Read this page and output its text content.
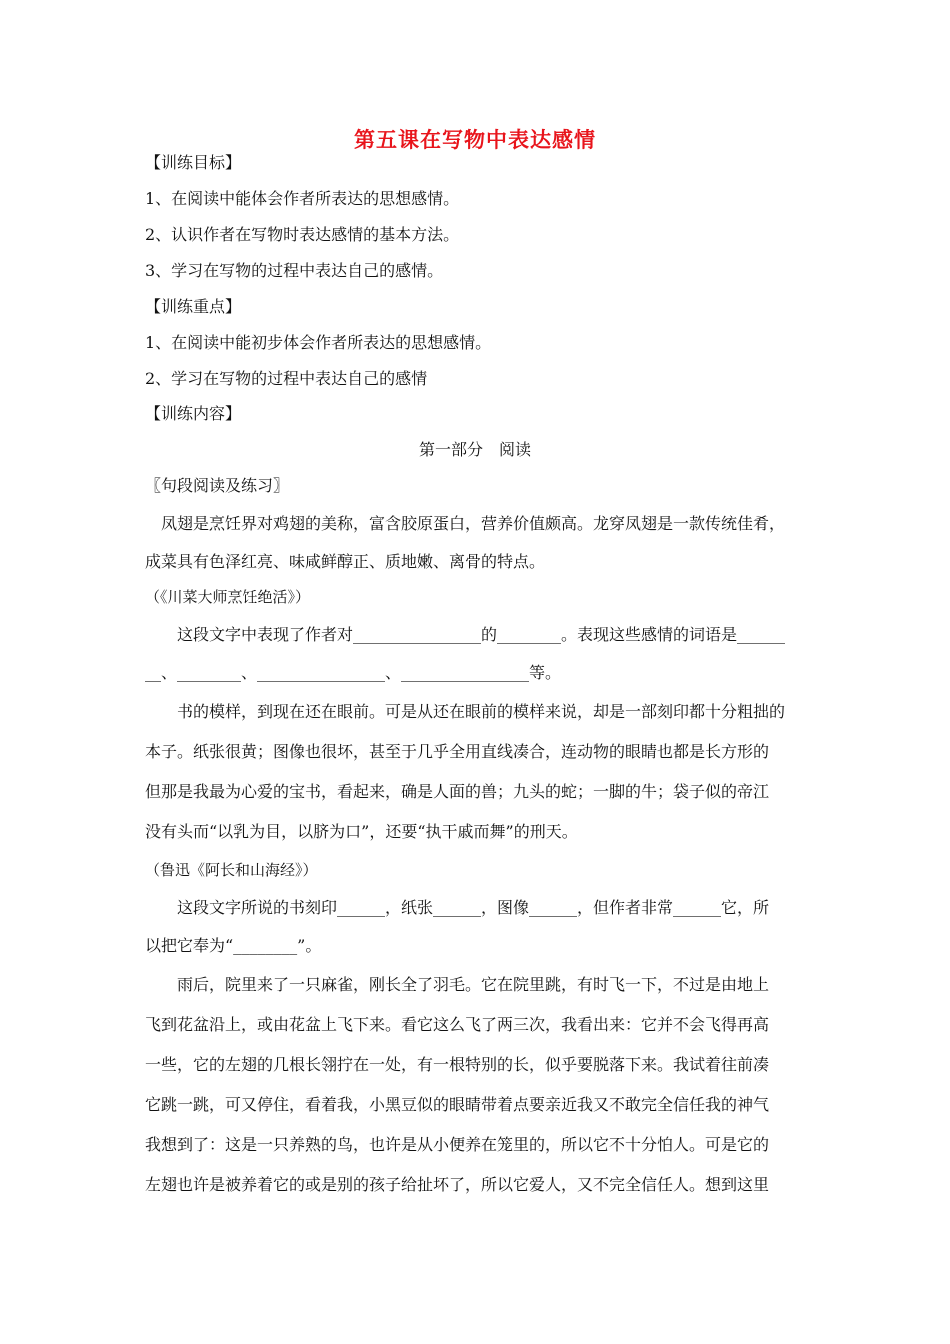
第五课在写物中表达感情
【训练目标】
1、在阅读中能体会作者所表达的思想感情。
2、认识作者在写物时表达感情的基本方法。
3、学习在写物的过程中表达自己的感情。
【训练重点】
1、在阅读中能初步体会作者所表达的思想感情。
2、学习在写物的过程中表达自己的感情
【训练内容】
第一部分　阅读
〖句段阅读及练习〗
　凤翅是烹饪界对鸡翅的美称，富含胶原蛋白，营养价值颇高。龙穿凤翅是一款传统佳肴，
成菜具有色泽红亮、味咸鲜醇正、质地嫩、离骨的特点。
（《川菜大师烹饪绝活》）
　　这段文字中表现了作者对________________的________。表现这些感情的词语是______
__、________、________________、________________等。
　　书的模样，到现在还在眼前。可是从还在眼前的模样来说，却是一部刻印都十分粗拙的
本子。纸张很黄；图像也很坏，甚至于几乎全用直线凑合，连动物的眼睛也都是长方形的
但那是我最为心爱的宝书，看起来，确是人面的兽；九头的蛇；一脚的牛；袋子似的帝江
没有头而“以乳为目，以脐为口”，还要“执干戚而舞”的刑天。
（鲁迅《阿长和山海经》）
　　这段文字所说的书刻印______，纸张______，图像______，但作者非常______它，所
以把它奉为“________”。
　　雨后，院里来了一只麻雀，刚长全了羽毛。它在院里跳，有时飞一下，不过是由地上
飞到花盆沿上，或由花盆上飞下来。看它这么飞了两三次，我看出来：它并不会飞得再高
一些，它的左翅的几根长翎拧在一处，有一根特别的长，似乎要脱落下来。我试着往前凑
它跳一跳，可又停住，看着我，小黑豆似的眼睛带着点要亲近我又不敢完全信任我的神气
我想到了：这是一只养熟的鸟，也许是从小便养在笼里的，所以它不十分怕人。可是它的
左翅也许是被养着它的或是别的孩子给扯坏了，所以它爱人，又不完全信任人。想到这里
